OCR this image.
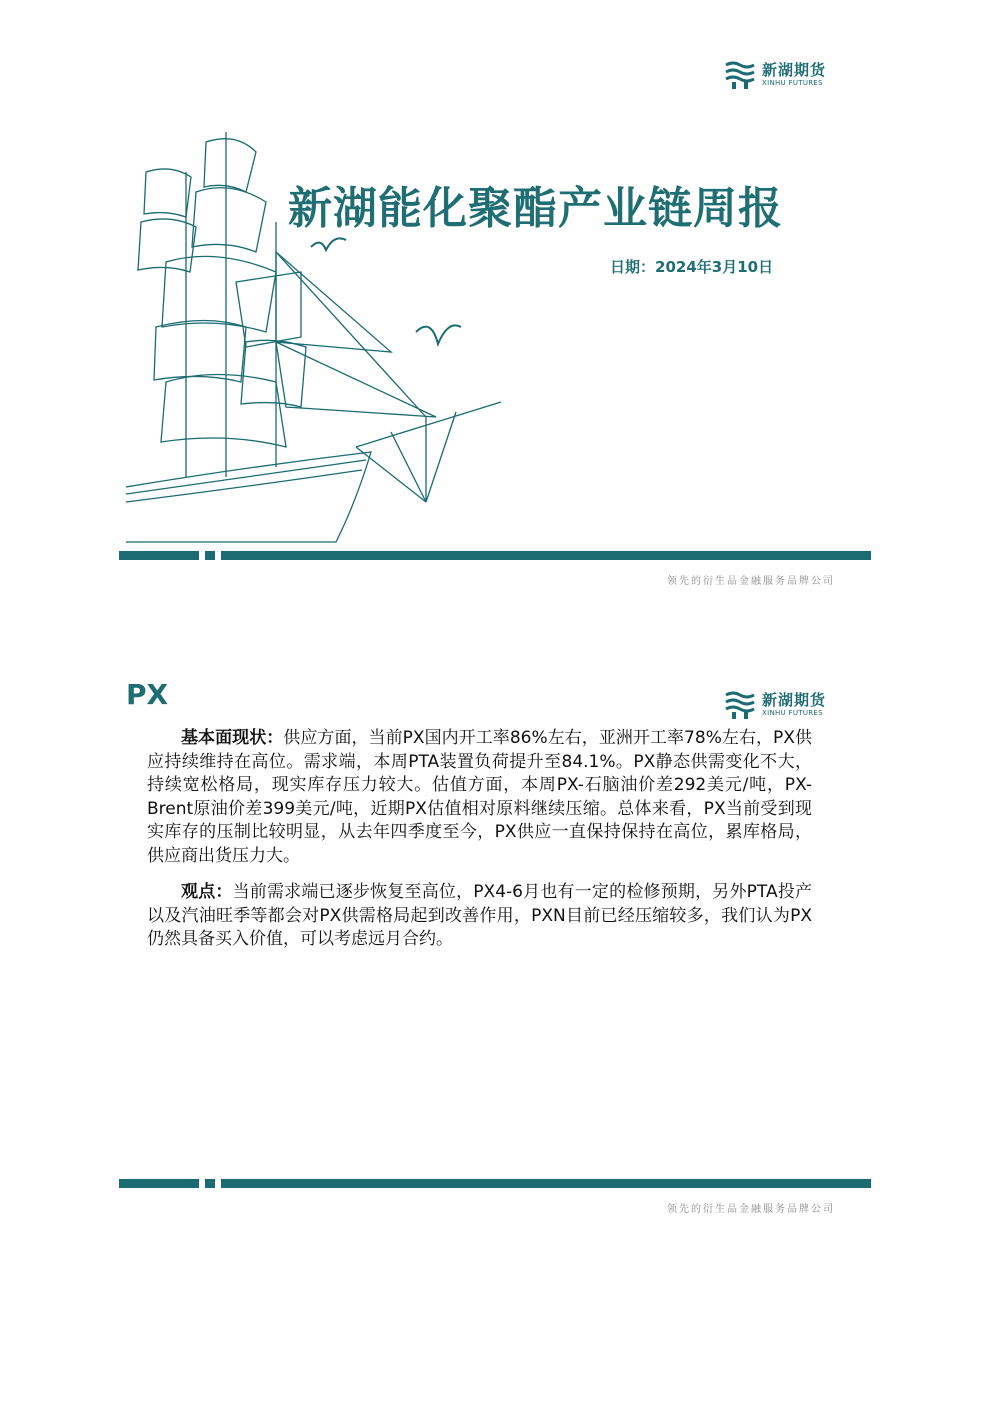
新湖期货
XINHU FUTURES
新湖能化聚酯产业链周报
日期：2024年3月10日
领先的衍生品金融服务品牌公司
PX	新湖期货
XINHU FUTURES

基本面现状：供应方面，当前PX国内开工率86%左右，亚洲开工率78%左右，PX供应持续维持在高位。需求端，本周PTA装置负荷提升至84.1%。PX静态供需变化不大，持续宽松格局，现实库存压力较大。估值方面，本周PX-石脑油价差292美元/吨，PX-Brent原油价差399美元/吨，近期PX估值相对原料继续压缩。总体来看，PX当前受到现实库存的压制比较明显，从去年四季度至今，PX供应一直保持保持在高位，累库格局，供应商出货压力大。

观点：当前需求端已逐步恢复至高位，PX4-6月也有一定的检修预期，另外PTA投产以及汽油旺季等都会对PX供需格局起到改善作用，PXN目前已经压缩较多，我们认为PX仍然具备买入价值，可以考虑远月合约。

领先的衍生品金融服务品牌公司
